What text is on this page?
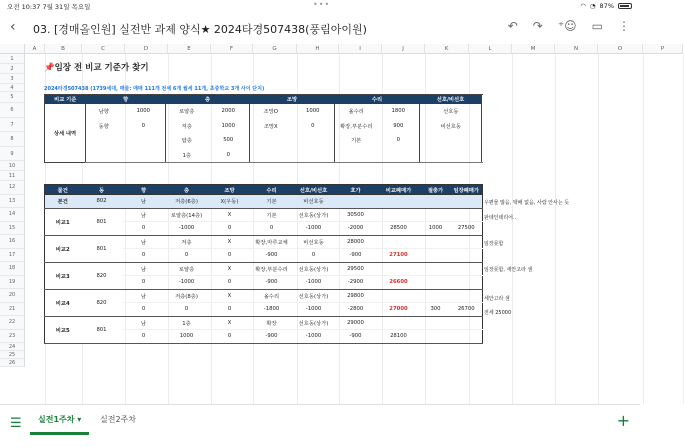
오전 10:37 7월 31일 목요일	•••	◠ ◔ 87%
‹ 03. [경매올인원] 실전반 과제 양식★ 2024타경507438(풍림아이원)	↶ ↷ ⁺☺ ▭ ⋮
A	B	C	D	E	F	G	H	I	J	K	L	M	N	O	P
1
2
3
4
5
6
7
8
9
10
11
12
13
14
15
16
17
18
19
20
21
22
23
24
25
26
📌임장 전 비교 기준가 찾기
2024타경507438 (1739세대, 매물: 매매 111개 전세 6개 월세 11개, 초중학교 3개 사이 단지)
비교 기준	향		층		조망		수리		선호/비선호	
상세 내역	남향	1000	로얄층	2000	조망O	1000	올수리	1800	선호동	
	동향	0	저층	1000	조망X	0	확장,부분수리	900	비선호동	
			탑층	500			기본	0		
			1층	0						
물건	동	향	층	조망	수리	선호/비선호	호가	비교폐매가	절충가	임장폐매가
본건	802	남	저층(6층)	X(우동)	기본	비선호동				
비교1	801	남	로얄층(14층)	X	기본	선호동(상가)	30500			
		0	-1000	0	0	-1000	-2000	28500	1000	27500
비교2	801	남	저층	X	확장,마루교체	비선호동	28000			
		0	0	0	-900	0	-900	27100		
비교3	820	남	로얄층	X	확장,부분수리	선호동(상가)	29500			
		0	-1000	0	-900	-1000	-2900	26600		
비교4	820	남	저층(8층)	X	올수리	선호동(상가)	29800			
		0	0	0	-1800	-1000	-2800	27000	300	26700
비교5	801	남	1층	X	확장	선호동(상가)	29000			
		0	1000	0	-900	-1000	-900	28100		
우편물 많음, 택배 없음, 사람 안사는 듯
판테인테리어..
임장못함
임장못함, 세안고라 샘
세안고라 샘
전세 25000
☰	실전1주차 ▾	실전2주차	+
